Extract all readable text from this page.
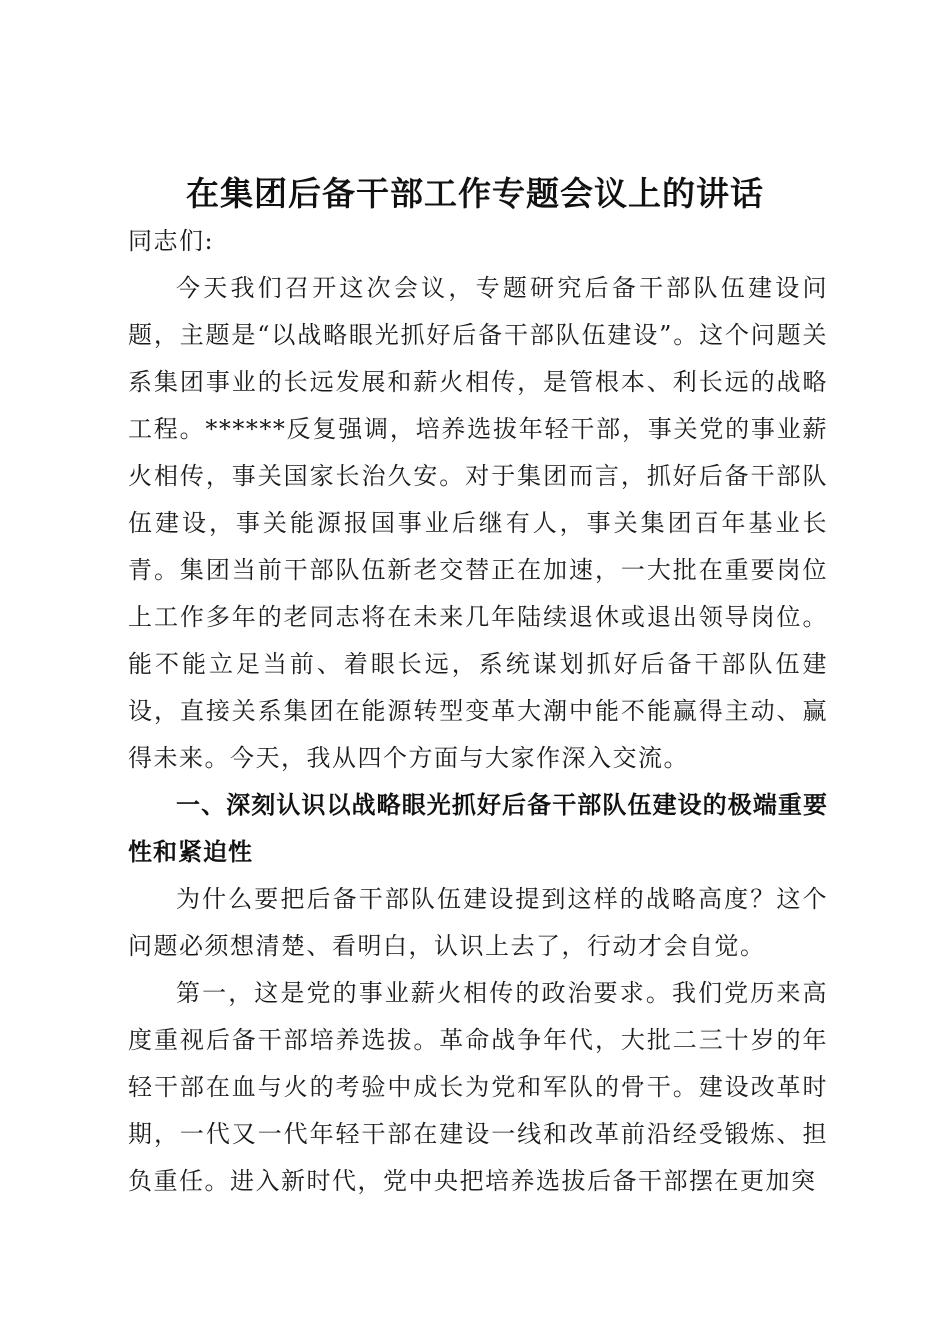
在集团后备干部工作专题会议上的讲话

同志们:

今天我们召开这次会议，专题研究后备干部队伍建设问题，主题是“以战略眼光抓好后备干部队伍建设”。这个问题关系集团事业的长远发展和薪火相传，是管根本、利长远的战略工程。******反复强调，培养选拔年轻干部，事关党的事业薪火相传，事关国家长治久安。对于集团而言，抓好后备干部队伍建设，事关能源报国事业后继有人，事关集团百年基业长青。集团当前干部队伍新老交替正在加速，一大批在重要岗位上工作多年的老同志将在未来几年陆续退休或退出领导岗位。能不能立足当前、着眼长远，系统谋划抓好后备干部队伍建设，直接关系集团在能源转型变革大潮中能不能赢得主动、赢得未来。今天，我从四个方面与大家作深入交流。

一、深刻认识以战略眼光抓好后备干部队伍建设的极端重要性和紧迫性

为什么要把后备干部队伍建设提到这样的战略高度？这个问题必须想清楚、看明白，认识上去了，行动才会自觉。

第一，这是党的事业薪火相传的政治要求。我们党历来高度重视后备干部培养选拔。革命战争年代，大批二三十岁的年轻干部在血与火的考验中成长为党和军队的骨干。建设改革时期，一代又一代年轻干部在建设一线和改革前沿经受锻炼、担负重任。进入新时代，党中央把培养选拔后备干部摆在更加突
